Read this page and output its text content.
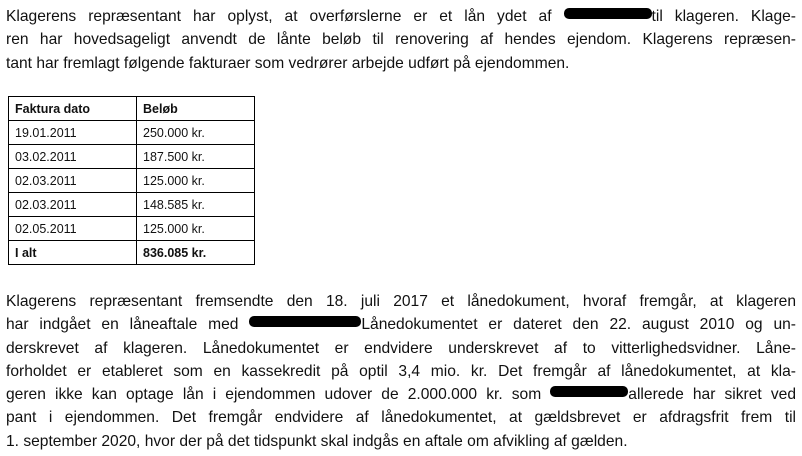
Klagerens repræsentant har oplyst, at overførslerne er et lån ydet af	til klageren. Klage-
ren har hovedsageligt anvendt de lånte beløb til renovering af hendes ejendom. Klagerens repræsen-
tant har fremlagt følgende fakturaer som vedrører arbejde udført på ejendommen.
Faktura dato	Beløb
19.01.2011	250.000 kr.
03.02.2011	187.500 kr.
02.03.2011	125.000 kr.
02.03.2011	148.585 kr.
02.05.2011	125.000 kr.
I alt	836.085 kr.
Klagerens repræsentant fremsendte den 18. juli 2017 et lånedokument, hvoraf fremgår, at klageren
har indgået en låneaftale med	Lånedokumentet er dateret den 22. august 2010 og un-
derskrevet af klageren. Lånedokumentet er endvidere underskrevet af to vitterlighedsvidner. Låne-
forholdet er etableret som en kassekredit på optil 3,4 mio. kr. Det fremgår af lånedokumentet, at kla-
geren ikke kan optage lån i ejendommen udover de 2.000.000 kr. som	allerede har sikret ved
pant i ejendommen. Det fremgår endvidere af lånedokumentet, at gældsbrevet er afdragsfrit frem til
1. september 2020, hvor der på det tidspunkt skal indgås en aftale om afvikling af gælden.
